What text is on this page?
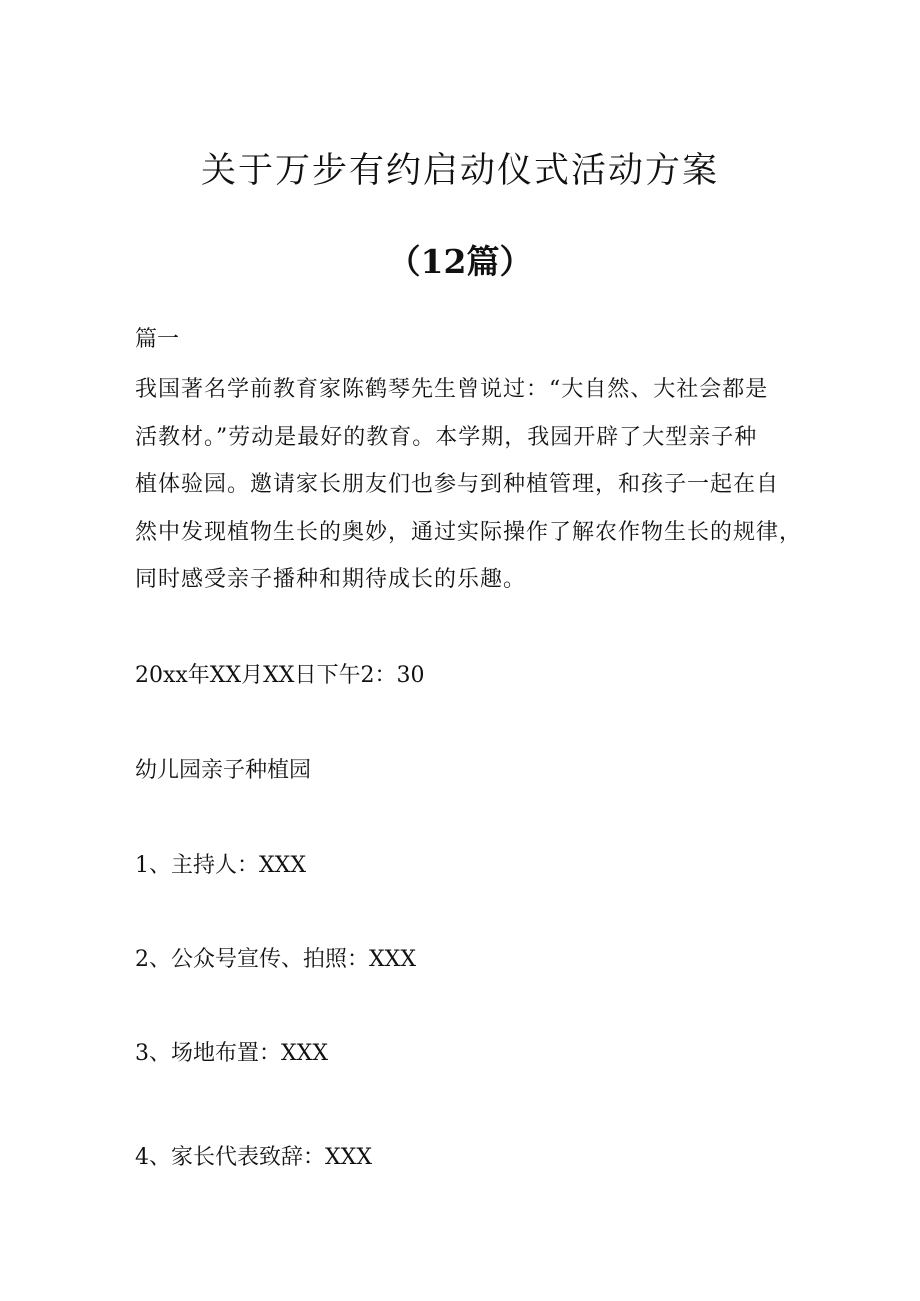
关于万步有约启动仪式活动方案
（12篇）
篇一
我国著名学前教育家陈鹤琴先生曾说过：“大自然、大社会都是
活教材。”劳动是最好的教育。本学期，我园开辟了大型亲子种
植体验园。邀请家长朋友们也参与到种植管理，和孩子一起在自
然中发现植物生长的奥妙，通过实际操作了解农作物生长的规律，
同时感受亲子播种和期待成长的乐趣。
20xx年XX月XX日下午2：30
幼儿园亲子种植园
1、主持人：XXX
2、公众号宣传、拍照：XXX
3、场地布置：XXX
4、家长代表致辞：XXX
